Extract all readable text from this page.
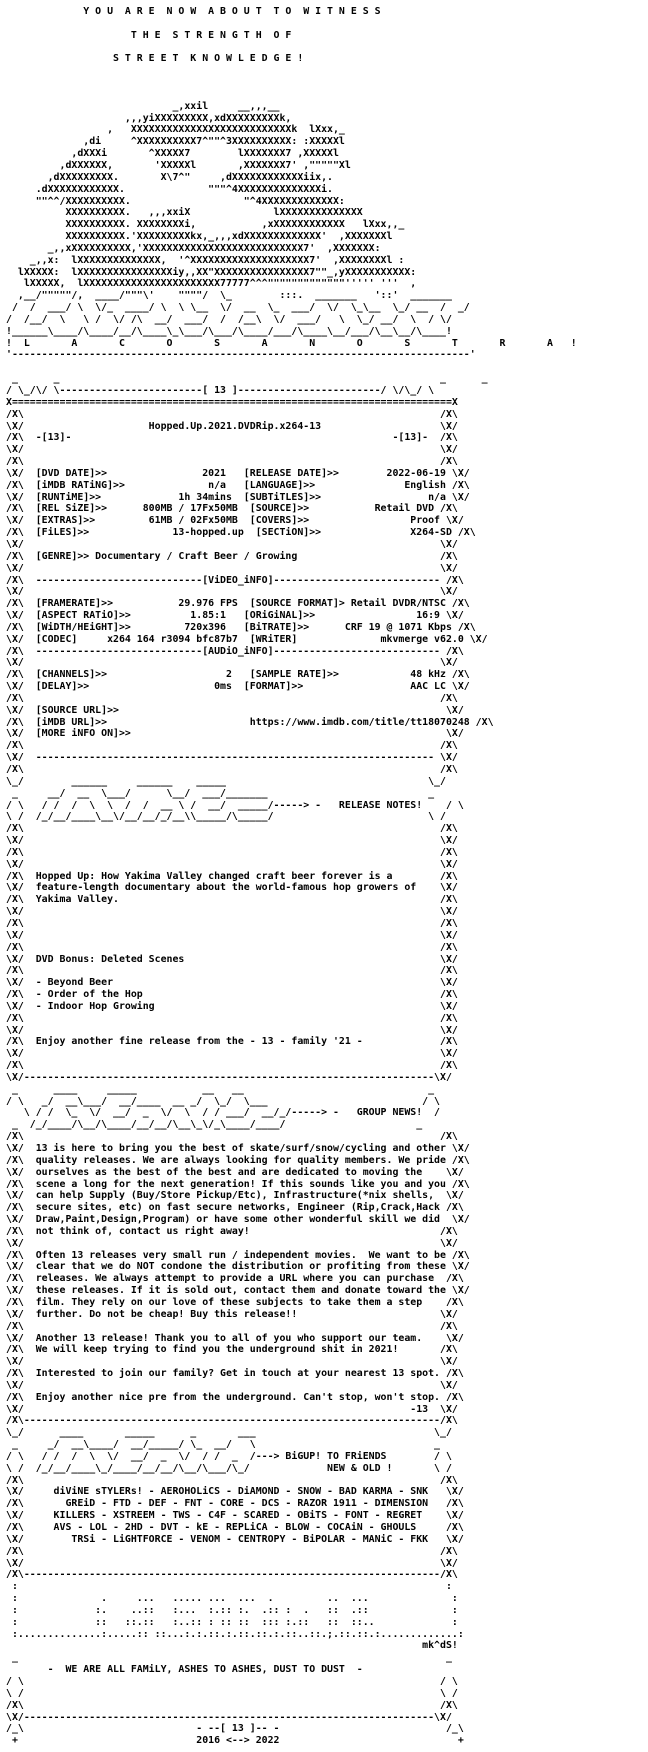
Y O U  A R E  N O W  A B O U T  T O  W I T N E S S

T H E  S T R E N G T H  O F

S T R E E T  K N O W L E D G E !

_,xxil     __,,,__
,,,yiXXXXXXXXX,xdXXXXXXXXXk,
,   XXXXXXXXXXXXXXXXXXXXXXXXXXXk  lXxx,_
,di     ^XXXXXXXXXX7^""^3XXXXXXXXXX: :XXXXXl
,dXXXi       ^XXXXX7        lXXXXXXX7 ,XXXXXl
,dXXXXXX,       'XXXXXl       ,XXXXXXX7' ,"""""Xl
,dXXXXXXXXX.       X\7^"     ,dXXXXXXXXXXXXiix,.
.dXXXXXXXXXXXX.              """^4XXXXXXXXXXXXXXi.
""^^/XXXXXXXXXX.                   "^4XXXXXXXXXXXXX:
XXXXXXXXXX.   ,,,xxiX              lXXXXXXXXXXXXXX
XXXXXXXXXX. XXXXXXXXi,           ,xXXXXXXXXXXXX   lXxx,,_
XXXXXXXXXX.'XXXXXXXXXkx,_,,,xdXXXXXXXXXXXXX'  ,XXXXXXXl
_,,xXXXXXXXXXX,'XXXXXXXXXXXXXXXXXXXXXXXXXXX7'  ,XXXXXXX:
_,,x:  lXXXXXXXXXXXXXX,  '^XXXXXXXXXXXXXXXXXXXX7'  ,XXXXXXXXl :
lXXXXX:  lXXXXXXXXXXXXXXXXiy,,XX"XXXXXXXXXXXXXXXX7""_,yXXXXXXXXXXX:
lXXXXX,  lXXXXXXXXXXXXXXXXXXXXXXX77777^^^"""""""""""""''''' '''  ,
,__/"""""/,  ____/"""\'    """"/  \_        :::.  _______   '::'  _______
/  /  ___/ \  \/_  ____/ \  \ \__  \/  __  \_  ___/  \/  \_\__  \_/ __  /  _/
/  /__/  \   \ /  \/ /\  __/  ___/  /  /__\  \/  ___/   \  \_/ __/  \  / \/
!______\____/\____/__/\____\_\___/\___/\____/___/\____\__/___/\__\__/\____!
!  L       A       C       O       S       A       N       O       S       T       R       A   !
'-----------------------------------------------------------------------------'

_      _                                                                _      _
/ \_/\/ \------------------------[ 13 ]------------------------/ \/\_/ \
X==========================================================================X
/X\                                                                      /X\
\X/                     Hopped.Up.2021.DVDRip.x264-13                    \X/
/X\  -[13]-                                                      -[13]-  /X\
\X/                                                                      \X/
/X\                                                                      /X\
\X/  [DVD DATE]>>                2021   [RELEASE DATE]>>        2022-06-19 \X/
/X\  [iMDB RATiNG]>>              n/a   [LANGUAGE]>>               English /X\
\X/  [RUNTiME]>>             1h 34mins  [SUBTiTLES]>>                  n/a \X/
/X\  [REL SiZE]>>      800MB / 17Fx50MB  [SOURCE]>>           Retail DVD /X\
\X/  [EXTRAS]>>         61MB / 02Fx50MB  [COVERS]>>                 Proof \X/
/X\  [FiLES]>>              13-hopped.up  [SECTiON]>>               X264-SD /X\
\X/                                                                      \X/
/X\  [GENRE]>> Documentary / Craft Beer / Growing                        /X\
\X/                                                                      \X/
/X\  ----------------------------[ViDEO_iNFO]---------------------------- /X\
\X/                                                                      \X/
/X\  [FRAMERATE]>>           29.976 FPS  [SOURCE FORMAT]> Retail DVDR/NTSC /X\
\X/  [ASPECT RATiO]>>          1.85:1   [ORiGiNAL]>>                 16:9 \X/
/X\  [WiDTH/HEiGHT]>>         720x396   [BiTRATE]>>      CRF 19 @ 1071 Kbps /X\
\X/  [CODEC]     x264 164 r3094 bfc87b7  [WRiTER]              mkvmerge v62.0 \X/
/X\  ----------------------------[AUDiO_iNFO]---------------------------- /X\
\X/                                                                      \X/
/X\  [CHANNELS]>>                    2   [SAMPLE RATE]>>            48 kHz /X\
\X/  [DELAY]>>                     0ms  [FORMAT]>>                  AAC LC \X/
/X\                                                                      /X\
\X/  [SOURCE URL]>>                                                       \X/
/X\  [iMDB URL]>>                        https://www.imdb.com/title/tt18070248 /X\
\X/  [MORE iNFO ON]>>                                                     \X/
/X\                                                                      /X\
\X/  ------------------------------------------------------------------- \X/
/X\                                                                      /X\
\_/        ______     ______    _____                                  \_/
_     __/  __  \___/      \__/  ___/_______                           _
/ \   / /  /  \  \  /  /  __ \ /  __/  _____/-----> -   RELEASE NOTES!    / \
\ /  /_/__/____\__\/__/__/_/__\\_____/\_____/                          \ /
/X\                                                                      /X\
\X/                                                                      \X/
/X\                                                                      /X\
\X/                                                                      \X/
/X\  Hopped Up: How Yakima Valley changed craft beer forever is a        /X\
\X/  feature-length documentary about the world-famous hop growers of    \X/
/X\  Yakima Valley.                                                      /X\
\X/                                                                      \X/
/X\                                                                      /X\
\X/                                                                      \X/
/X\                                                                      /X\
\X/  DVD Bonus: Deleted Scenes                                           \X/
/X\                                                                      /X\
\X/  - Beyond Beer                                                       \X/
/X\  - Order of the Hop                                                  /X\
\X/  - Indoor Hop Growing                                                \X/
/X\                                                                      /X\
\X/                                                                      \X/
/X\  Enjoy another fine release from the - 13 - family '21 -             /X\
\X/                                                                      \X/
/X\                                                                      /X\
\X/---------------------------------------------------------------------\X/
_      ____     _____           __   __                               _
/ \   _/  __\___/  __/____  __ _/  \_/  \___                          / \
\ / /  \_  \/  __/  _  \/  \  / / ___/  __/_/-----> -   GROUP NEWS!  /
_  /_/____/\__/\____/__/__/\__\_\/_\____/____/                      _
/X\                                                                      /X\
\X/  13 is here to bring you the best of skate/surf/snow/cycling and other \X/
/X\  quality releases. We are always looking for quality members. We pride /X\
\X/  ourselves as the best of the best and are dedicated to moving the    \X/
/X\  scene a long for the next generation! If this sounds like you and you /X\
\X/  can help Supply (Buy/Store Pickup/Etc), Infrastructure(*nix shells,  \X/
/X\  secure sites, etc) on fast secure networks, Engineer (Rip,Crack,Hack /X\
\X/  Draw,Paint,Design,Program) or have some other wonderful skill we did  \X/
/X\  not think of, contact us right away!                                /X\
\X/                                                                      \X/
/X\  Often 13 releases very small run / independent movies.  We want to be /X\
\X/  clear that we do NOT condone the distribution or profiting from these \X/
/X\  releases. We always attempt to provide a URL where you can purchase  /X\
\X/  these releases. If it is sold out, contact them and donate toward the \X/
/X\  film. They rely on our love of these subjects to take them a step    /X\
\X/  further. Do not be cheap! Buy this release!!                        \X/
/X\                                                                      /X\
\X/  Another 13 release! Thank you to all of you who support our team.    \X/
/X\  We will keep trying to find you the underground shit in 2021!       /X\
\X/                                                                      \X/
/X\  Interested to join our family? Get in touch at your nearest 13 spot. /X\
\X/                                                                      \X/
/X\  Enjoy another nice pre from the underground. Can't stop, won't stop. /X\
\X/                                                                 -13  \X/
/X\----------------------------------------------------------------------/X\
\_/      ____       _____      _       ___                              \_/
_     _/  __\____/  __/_____/ \_  __/   \                              _
/ \   / /  /  \  \/  __/  _  \/  / /  _  /---> BiGUP! TO FRiENDS        / \
\ /  /_/__/____\_/____/__/__/\__/\___/\_/             NEW & OLD !       \ /
/X\                                                                      /X\
\X/     diViNE sTYLERs! - AEROHOLiCS - DiAMOND - SNOW - BAD KARMA - SNK   \X/
/X\       GREiD - FTD - DEF - FNT - CORE - DCS - RAZOR 1911 - DIMENSION   /X\
\X/     KILLERS - XSTREEM - TWS - C4F - SCARED - OBiTS - FONT - REGRET    \X/
/X\     AVS - LOL - 2HD - DVT - kE - REPLiCA - BLOW - COCAiN - GHOULS     /X\
\X/        TRSi - LiGHTFORCE - VENOM - CENTROPY - BiPOLAR - MANiC - FKK   \X/
/X\                                                                      /X\
\X/                                                                      \X/
/X\----------------------------------------------------------------------/X\
:                                                                        :
:              .     ...   ..... ...  ...  .         ..  ...              :
:             :.    ..::   :...  :.:: :.  .:: :  .   ::  .::              :
:             ::   ::.::   :..:: : :: ::  ::: :.::   ::  ::..             :
:..............:.....:: ::...:.:.::.:.::.::.:.::..::.;.::.::.:.............:
mk^dS!
_                                                                        _
-  WE ARE ALL FAMiLY, ASHES TO ASHES, DUST TO DUST  -
/ \                                                                      / \
\ /                                                                      \ /
/X\                                                                      /X\
\X/---------------------------------------------------------------------\X/
/_\                             - --[ 13 ]-- -                            /_\
+                              2016 <--> 2022                              +
